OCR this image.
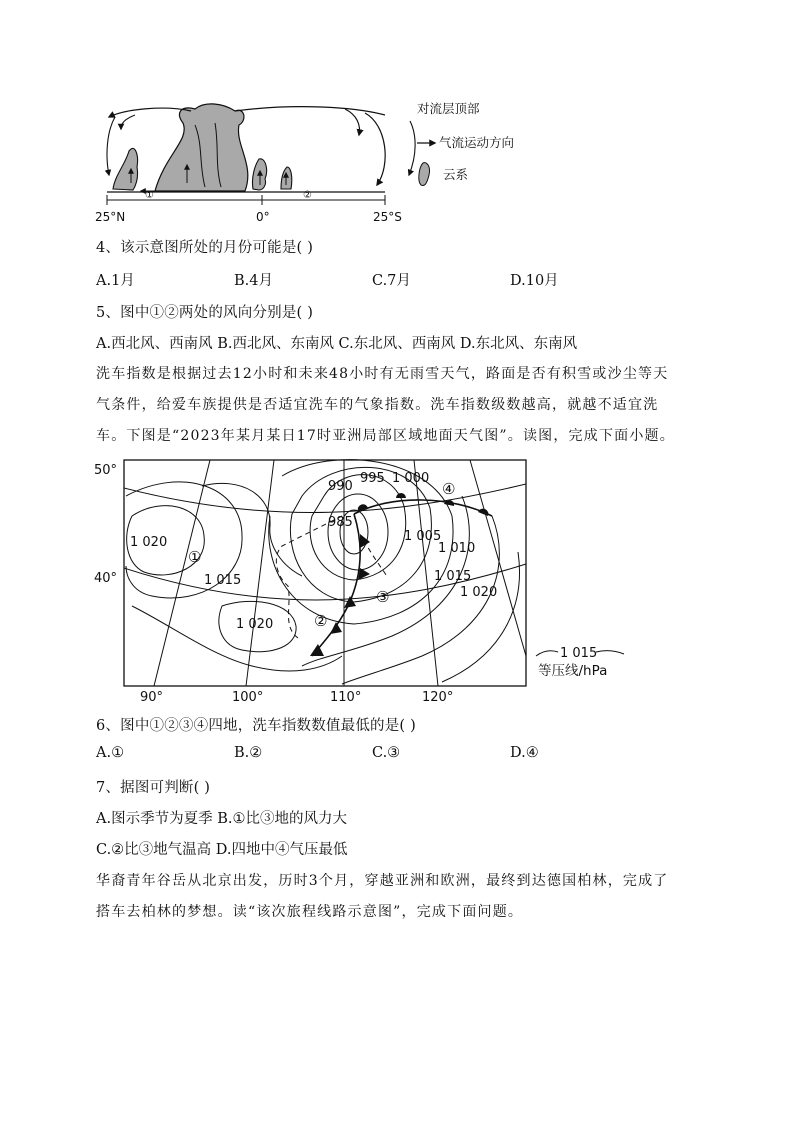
①	②
25°N	0°	25°S
对流层顶部
气流运动方向
云系
4、该示意图所处的月份可能是( )
A.1月	B.4月	C.7月	D.10月
5、图中①②两处的风向分别是( )
A.西北风、西南风 B.西北风、东南风 C.东北风、西南风 D.东北风、东南风
洗车指数是根据过去12小时和未来48小时有无雨雪天气，路面是否有积雪或沙尘等天
气条件，给爱车族提供是否适宜洗车的气象指数。洗车指数级数越高，就越不适宜洗
车。下图是“2023年某月某日17时亚洲局部区域地面天气图”。读图，完成下面小题。
990
995 1 000
985
1 005
1 010
1 015
1 020
1 020
1 015
1 020
①
②
③
④
50°
40°
90°	100°	110°	120°
1 015
等压线/hPa
6、图中①②③④四地，洗车指数数值最低的是( )
A.①	B.②	C.③	D.④
7、据图可判断( )
A.图示季节为夏季 B.①比③地的风力大
C.②比③地气温高 D.四地中④气压最低
华裔青年谷岳从北京出发，历时3个月，穿越亚洲和欧洲，最终到达德国柏林，完成了
搭车去柏林的梦想。读“该次旅程线路示意图”，完成下面问题。
